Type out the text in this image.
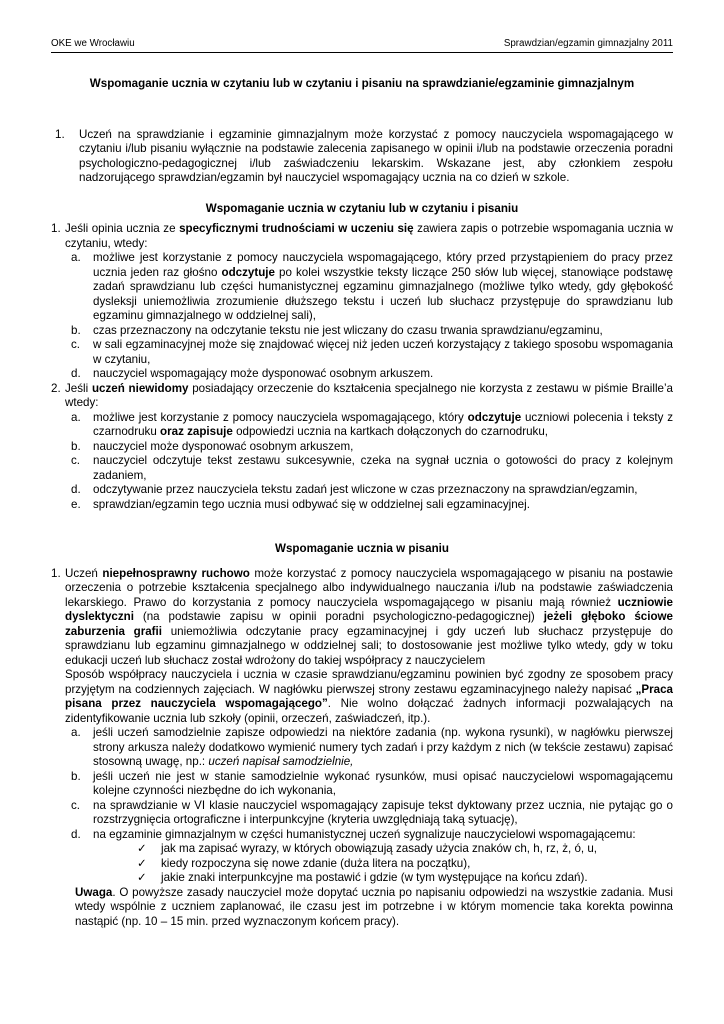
OKE we Wrocławiu	Sprawdzian/egzamin gimnazjalny 2011
Wspomaganie ucznia w czytaniu lub w czytaniu i pisaniu na sprawdzianie/egzaminie gimnazjalnym
1.	Uczeń na sprawdzianie i egzaminie gimnazjalnym może korzystać z pomocy nauczyciela wspomagającego w czytaniu i/lub pisaniu wyłącznie na podstawie zalecenia zapisanego w opinii i/lub na podstawie orzeczenia poradni psychologiczno-pedagogicznej i/lub zaświadczeniu lekarskim. Wskazane jest, aby członkiem zespołu nadzorującego sprawdzian/egzamin był nauczyciel wspomagający ucznia na co dzień w szkole.
Wspomaganie ucznia w czytaniu lub w czytaniu i pisaniu
1. Jeśli opinia ucznia ze specyficznymi trudnościami w uczeniu się zawiera zapis o potrzebie wspomagania ucznia w czytaniu, wtedy:
a.	możliwe jest korzystanie z pomocy nauczyciela wspomagającego, który przed przystąpieniem do pracy przez ucznia jeden raz głośno odczytuje po kolei wszystkie teksty liczące 250 słów lub więcej, stanowiące podstawę zadań sprawdzianu lub części humanistycznej egzaminu gimnazjalnego (możliwe tylko wtedy, gdy głębokość dysleksji uniemożliwia zrozumienie dłuższego tekstu i uczeń lub słuchacz przystępuje do sprawdzianu lub egzaminu gimnazjalnego w oddzielnej sali),
b.	czas przeznaczony na odczytanie tekstu nie jest wliczany do czasu trwania sprawdzianu/egzaminu,
c.	w sali egzaminacyjnej może się znajdować więcej niż jeden uczeń korzystający z takiego sposobu wspomagania w czytaniu,
d.	nauczyciel wspomagający może dysponować osobnym arkuszem.
2. Jeśli uczeń niewidomy posiadający orzeczenie do kształcenia specjalnego nie korzysta z zestawu w piśmie Braille’a wtedy:
a.	możliwe jest korzystanie z pomocy nauczyciela wspomagającego, który odczytuje uczniowi polecenia i teksty z czarnodruku oraz zapisuje odpowiedzi ucznia na kartkach dołączonych do czarnodruku,
b.	nauczyciel może dysponować osobnym arkuszem,
c.	nauczyciel odczytuje tekst zestawu sukcesywnie, czeka na sygnał ucznia o gotowości do pracy z kolejnym zadaniem,
d.	odczytywanie przez nauczyciela tekstu zadań jest wliczone w czas przeznaczony na sprawdzian/egzamin,
e.	sprawdzian/egzamin tego ucznia musi odbywać się w oddzielnej sali egzaminacyjnej.
Wspomaganie ucznia w pisaniu
1. Uczeń niepełnosprawny ruchowo może korzystać z pomocy nauczyciela wspomagającego w pisaniu na postawie orzeczenia o potrzebie kształcenia specjalnego albo indywidualnego nauczania i/lub na podstawie zaświadczenia lekarskiego. Prawo do korzystania z pomocy nauczyciela wspomagającego w pisaniu mają również uczniowie dyslektyczni (na podstawie zapisu w opinii poradni psychologiczno-pedagogicznej) jeżeli głęboko ściowe zaburzenia grafii uniemożliwia odczytanie pracy egzaminacyjnej i gdy uczeń lub słuchacz przystępuje do sprawdzianu lub egzaminu gimnazjalnego w oddzielnej sali; to dostosowanie jest możliwe tylko wtedy, gdy w toku edukacji uczeń lub słuchacz został wdrożony do takiej współpracy z nauczycielem
Sposób współpracy nauczyciela i ucznia w czasie sprawdzianu/egzaminu powinien być zgodny ze sposobem pracy przyjętym na codziennych zajęciach. W nagłówku pierwszej strony zestawu egzaminacyjnego należy napisać „Praca pisana przez nauczyciela wspomagającego”. Nie wolno dołączać żadnych informacji pozwalających na zidentyfikowanie ucznia lub szkoły (opinii, orzeczeń, zaświadczeń, itp.).
a.	jeśli uczeń samodzielnie zapisze odpowiedzi na niektóre zadania (np. wykona rysunki), w nagłówku pierwszej strony arkusza należy dodatkowo wymienić numery tych zadań i przy każdym z nich (w tekście zestawu) zapisać stosowną uwagę, np.: uczeń napisał samodzielnie,
b.	jeśli uczeń nie jest w stanie samodzielnie wykonać rysunków, musi opisać nauczycielowi wspomagającemu kolejne czynności niezbędne do ich wykonania,
c.	na sprawdzianie w VI klasie nauczyciel wspomagający zapisuje tekst dyktowany przez ucznia, nie pytając go o rozstrzygnięcia ortograficzne i interpunkcyjne (kryteria uwzględniają taką sytuację),
d.	na egzaminie gimnazjalnym w części humanistycznej uczeń sygnalizuje nauczycielowi wspomagającemu:
✓	jak ma zapisać wyrazy, w których obowiązują zasady użycia znaków ch, h, rz, ż, ó, u,
✓	kiedy rozpoczyna się nowe zdanie (duża litera na początku),
✓	jakie znaki interpunkcyjne ma postawić i gdzie (w tym występujące na końcu zdań).
Uwaga. O powyższe zasady nauczyciel może dopytać ucznia po napisaniu odpowiedzi na wszystkie zadania. Musi wtedy wspólnie z uczniem zaplanować, ile czasu jest im potrzebne i w którym momencie taka korekta powinna nastąpić (np. 10 – 15 min. przed wyznaczonym końcem pracy).
